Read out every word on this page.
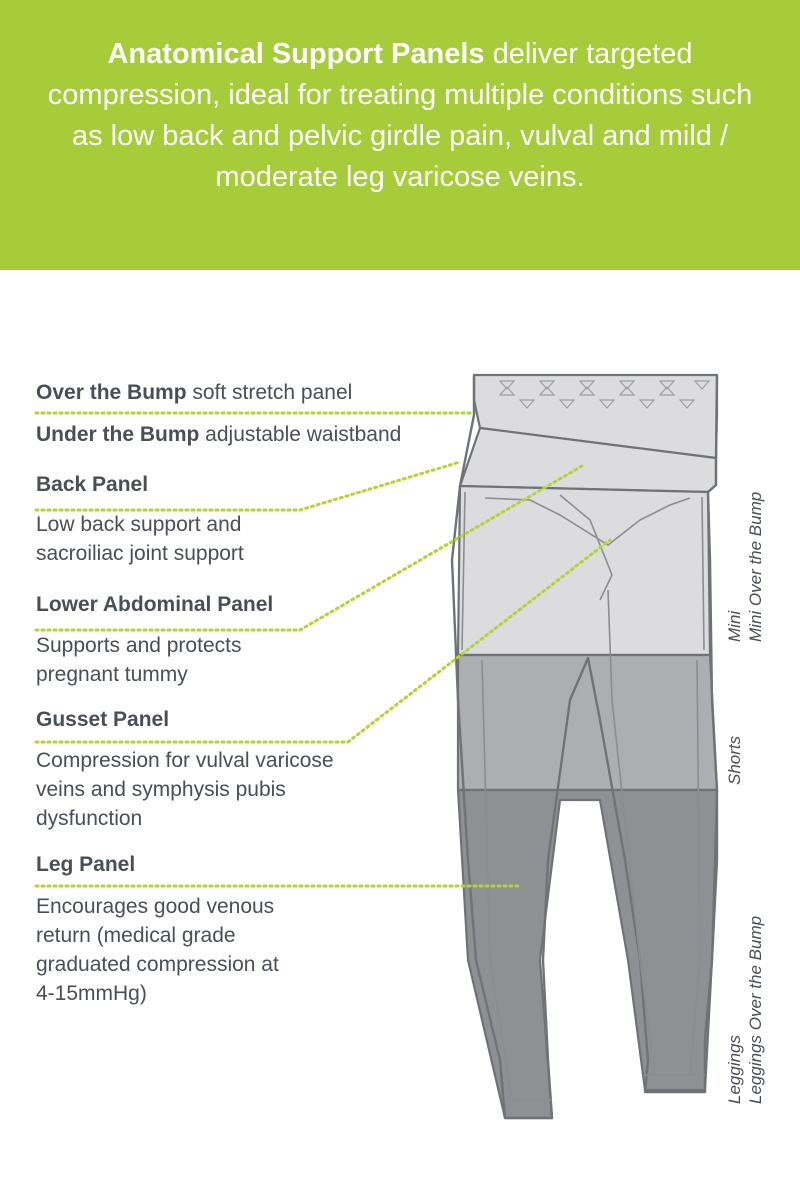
Anatomical Support Panels deliver targeted compression, ideal for treating multiple conditions such as low back and pelvic girdle pain, vulval and mild / moderate leg varicose veins.
Over the Bump soft stretch panel
Under the Bump adjustable waistband
Back Panel
Low back support and sacroiliac joint support
Lower Abdominal Panel
Supports and protects pregnant tummy
Gusset Panel
Compression for vulval varicose veins and symphysis pubis dysfunction
Leg Panel
Encourages good venous return (medical grade graduated compression at 4-15mmHg)
Mini Mini Over the Bump
Shorts
Leggings Leggings Over the Bump
